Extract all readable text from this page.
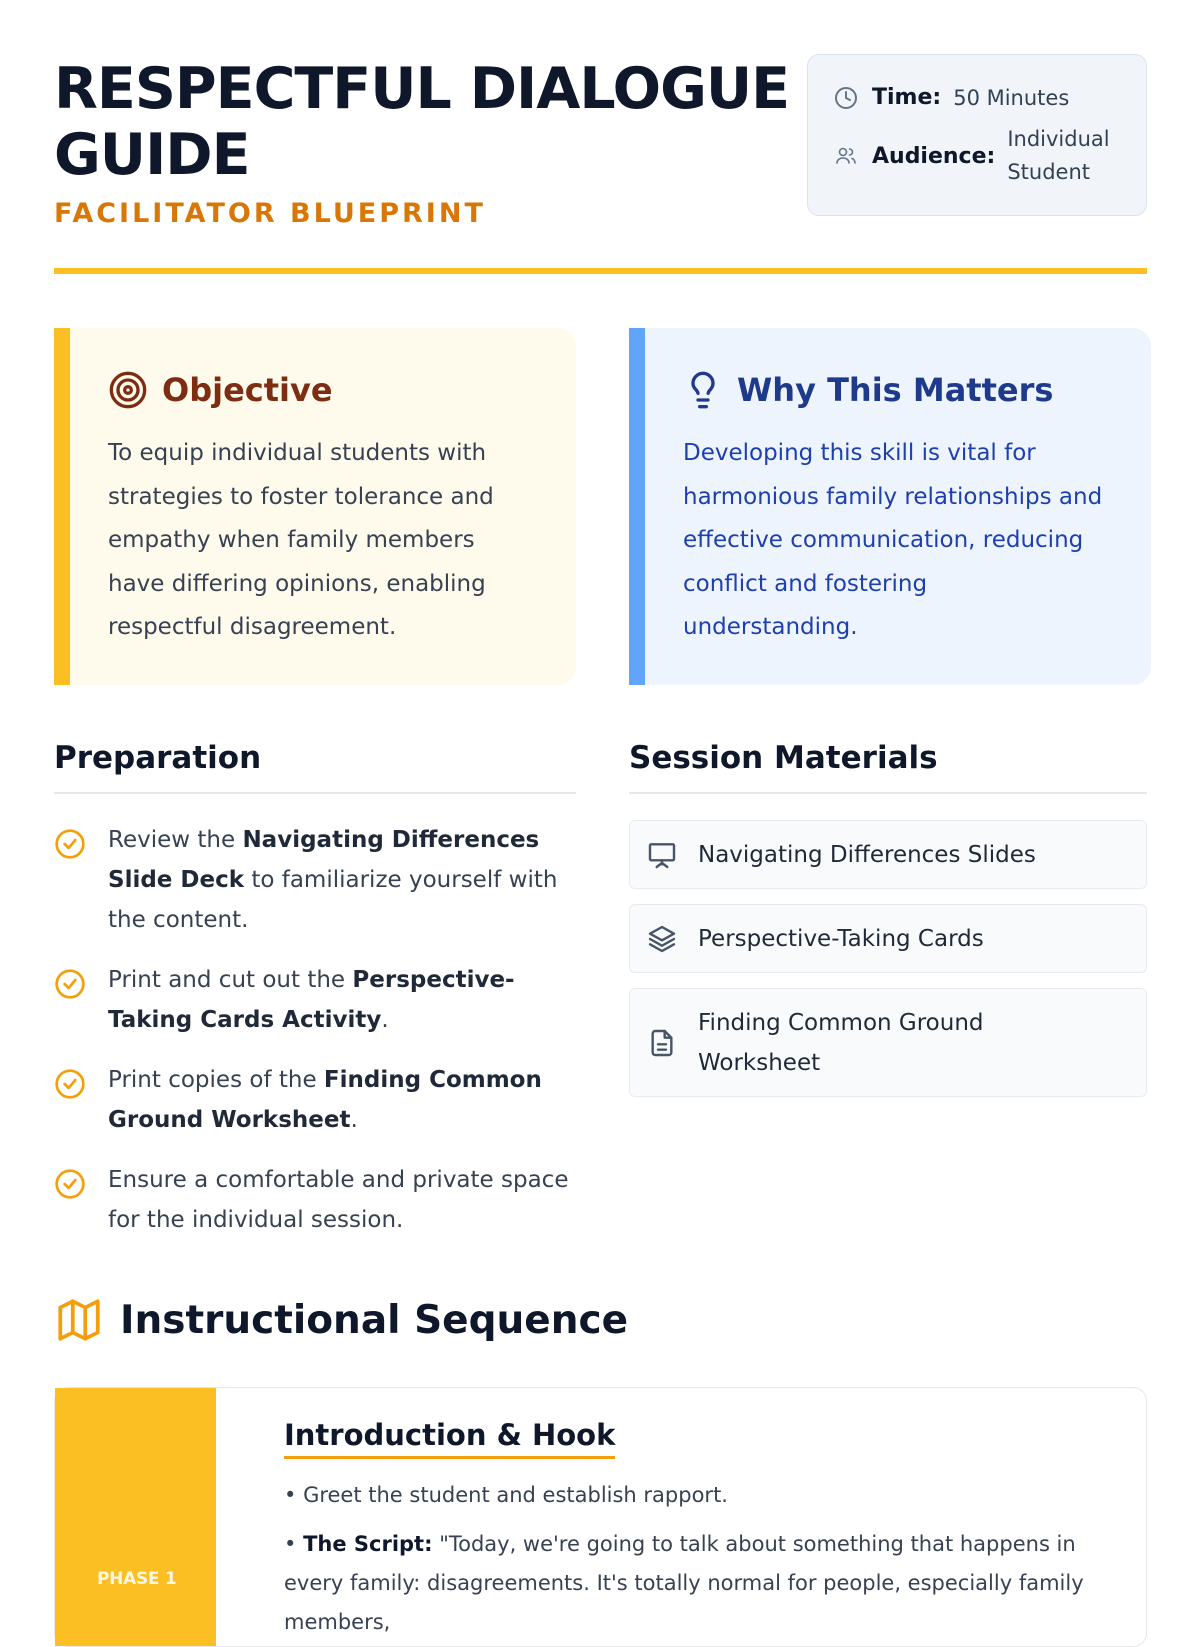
RESPECTFUL DIALOGUE GUIDE
FACILITATOR BLUEPRINT
Time: 50 Minutes
Audience:
Individual Student
Objective
To equip individual students with strategies to foster tolerance and empathy when family members have differing opinions, enabling respectful disagreement.
Why This Matters
Developing this skill is vital for harmonious family relationships and effective communication, reducing conflict and fostering understanding.
Preparation
Review the Navigating Differences Slide Deck to familiarize yourself with the content.
Print and cut out the Perspective-Taking Cards Activity.
Print copies of the Finding Common Ground Worksheet.
Ensure a comfortable and private space for the individual session.
Session Materials
Navigating Differences Slides
Perspective-Taking Cards
Finding Common Ground Worksheet
Instructional Sequence
PHASE 1
Introduction & Hook
• Greet the student and establish rapport.
• The Script: "Today, we're going to talk about something that happens in every family: disagreements. It's totally normal for people, especially family members,
